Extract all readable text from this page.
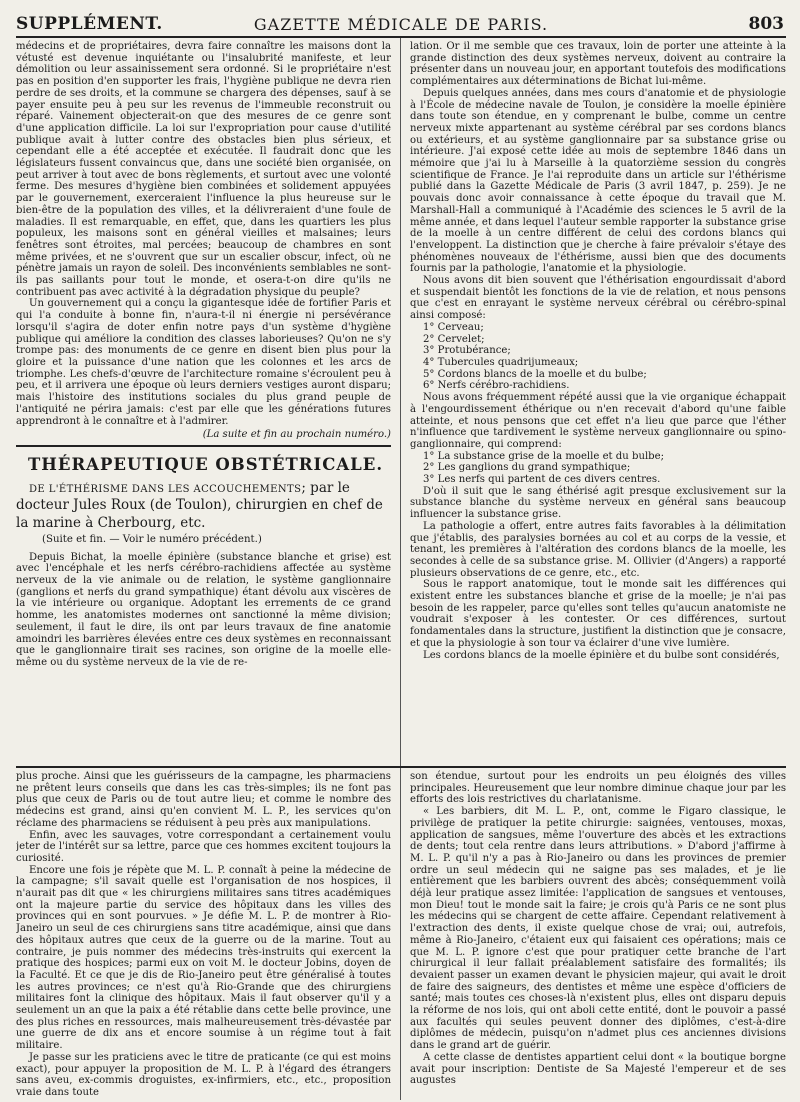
SUPPLÉMENT.	GAZETTE MÉDICALE DE PARIS.	803

médecins et de propriétaires, devra faire connaître les maisons dont la vétusté est devenue inquiétante ou l'insalubrité manifeste, et leur démolition ou leur assainissement sera ordonné. Si le propriétaire n'est pas en position d'en supporter les frais, l'hygiène publique ne devra rien perdre de ses droits, et la commune se chargera des dépenses, sauf à se payer ensuite peu à peu sur les revenus de l'immeuble reconstruit ou réparé. Vainement objecterait-on que des mesures de ce genre sont d'une application difficile. La loi sur l'expropriation pour cause d'utilité publique avait à lutter contre des obstacles bien plus sérieux, et cependant elle a été acceptée et exécutée. Il faudrait donc que les législateurs fussent convaincus que, dans une société bien organisée, on peut arriver à tout avec de bons règlements, et surtout avec une volonté ferme. Des mesures d'hygiène bien combinées et solidement appuyées par le gouvernement, exerceraient l'influence la plus heureuse sur le bien-être de la population des villes, et la délivreraient d'une foule de maladies. Il est remarquable, en effet, que, dans les quartiers les plus populeux, les maisons sont en général vieilles et malsaines; leurs fenêtres sont étroites, mal percées; beaucoup de chambres en sont même privées, et ne s'ouvrent que sur un escalier obscur, infect, où ne pénètre jamais un rayon de soleil. Des inconvénients semblables ne sont-ils pas saillants pour tout le monde, et osera-t-on dire qu'ils ne contribuent pas avec activité à la dégradation physique du peuple?

Un gouvernement qui a conçu la gigantesque idée de fortifier Paris et qui l'a conduite à bonne fin, n'aura-t-il ni énergie ni persévérance lorsqu'il s'agira de doter enfin notre pays d'un système d'hygiène publique qui améliore la condition des classes laborieuses? Qu'on ne s'y trompe pas: des monuments de ce genre en disent bien plus pour la gloire et la puissance d'une nation que les colonnes et les arcs de triomphe. Les chefs-d'œuvre de l'architecture romaine s'écroulent peu à peu, et il arrivera une époque où leurs derniers vestiges auront disparu; mais l'histoire des institutions sociales du plus grand peuple de l'antiquité ne périra jamais: c'est par elle que les générations futures apprendront à le connaître et à l'admirer.

(La suite et fin au prochain numéro.)
THÉRAPEUTIQUE OBSTÉTRICALE.

DE L'ÉTHÉRISME DANS LES ACCOUCHEMENTS; par le docteur Jules Roux (de Toulon), chirurgien en chef de la marine à Cherbourg, etc.

(Suite et fin. — Voir le numéro précédent.)

Depuis Bichat, la moelle épinière (substance blanche et grise) est avec l'encéphale et les nerfs cérébro-rachidiens affectée au système nerveux de la vie animale ou de relation, le système ganglionnaire (ganglions et nerfs du grand sympathique) étant dévolu aux viscères de la vie intérieure ou organique. Adoptant les errements de ce grand homme, les anatomistes modernes ont sanctionné la même division; seulement, il faut le dire, ils ont par leurs travaux de fine anatomie amoindri les barrières élevées entre ces deux systèmes en reconnaissant que le ganglionnaire tirait ses racines, son origine de la moelle elle-même ou du système nerveux de la vie de re-

lation. Or il me semble que ces travaux, loin de porter une atteinte à la grande distinction des deux systèmes nerveux, doivent au contraire la présenter dans un nouveau jour, en apportant toutefois des modifications complémentaires aux déterminations de Bichat lui-même.

Depuis quelques années, dans mes cours d'anatomie et de physiologie à l'École de médecine navale de Toulon, je considère la moelle épinière dans toute son étendue, en y comprenant le bulbe, comme un centre nerveux mixte appartenant au système cérébral par ses cordons blancs ou extérieurs, et au système ganglionnaire par sa substance grise ou intérieure. J'ai exposé cette idée au mois de septembre 1846 dans un mémoire que j'ai lu à Marseille à la quatorzième session du congrès scientifique de France. Je l'ai reproduite dans un article sur l'éthérisme publié dans la Gazette Médicale de Paris (3 avril 1847, p. 259). Je ne pouvais donc avoir connaissance à cette époque du travail que M. Marshall-Hall a communiqué à l'Académie des sciences le 5 avril de la même année, et dans lequel l'auteur semble rapporter la substance grise de la moelle à un centre différent de celui des cordons blancs qui l'enveloppent. La distinction que je cherche à faire prévaloir s'étaye des phénomènes nouveaux de l'éthérisme, aussi bien que des documents fournis par la pathologie, l'anatomie et la physiologie.

Nous avons dit bien souvent que l'éthérisation engourdissait d'abord et suspendait bientôt les fonctions de la vie de relation, et nous pensons que c'est en enrayant le système nerveux cérébral ou cérébro-spinal ainsi composé:

1° Cerveau;
2° Cervelet;
3° Protubérance;
4° Tubercules quadrijumeaux;
5° Cordons blancs de la moelle et du bulbe;
6° Nerfs cérébro-rachidiens.

Nous avons fréquemment répété aussi que la vie organique échappait à l'engourdissement éthérique ou n'en recevait d'abord qu'une faible atteinte, et nous pensons que cet effet n'a lieu que parce que l'éther n'influence que tardivement le système nerveux ganglionnaire ou spino-ganglionnaire, qui comprend:

1° La substance grise de la moelle et du bulbe;
2° Les ganglions du grand sympathique;
3° Les nerfs qui partent de ces divers centres.

D'où il suit que le sang éthérisé agit presque exclusivement sur la substance blanche du système nerveux en général sans beaucoup influencer la substance grise.

La pathologie a offert, entre autres faits favorables à la délimitation que j'établis, des paralysies bornées au col et au corps de la vessie, et tenant, les premières à l'altération des cordons blancs de la moelle, les secondes à celle de sa substance grise. M. Ollivier (d'Angers) a rapporté plusieurs observations de ce genre, etc., etc.

Sous le rapport anatomique, tout le monde sait les différences qui existent entre les substances blanche et grise de la moelle; je n'ai pas besoin de les rappeler, parce qu'elles sont telles qu'aucun anatomiste ne voudrait s'exposer à les contester. Or ces différences, surtout fondamentales dans la structure, justifient la distinction que je consacre, et que la physiologie à son tour va éclairer d'une vive lumière.

Les cordons blancs de la moelle épinière et du bulbe sont considérés,

plus proche. Ainsi que les guérisseurs de la campagne, les pharmaciens ne prêtent leurs conseils que dans les cas très-simples; ils ne font pas plus que ceux de Paris ou de tout autre lieu; et comme le nombre des médecins est grand, ainsi qu'en convient M. L. P., les services qu'on réclame des pharmaciens se réduisent à peu près aux manipulations.

Enfin, avec les sauvages, votre correspondant a certainement voulu jeter de l'intérêt sur sa lettre, parce que ces hommes excitent toujours la curiosité.

Encore une fois je répète que M. L. P. connaît à peine la médecine de la campagne; s'il savait quelle est l'organisation de nos hospices, il n'aurait pas dit que « les chirurgiens militaires sans titres académiques ont la majeure partie du service des hôpitaux dans les villes des provinces qui en sont pourvues. » Je défie M. L. P. de montrer à Rio-Janeiro un seul de ces chirurgiens sans titre académique, ainsi que dans des hôpitaux autres que ceux de la guerre ou de la marine. Tout au contraire, je puis nommer des médecins très-instruits qui exercent la pratique des hospices; parmi eux on voit M. le docteur Jobins, doyen de la Faculté. Et ce que je dis de Rio-Janeiro peut être généralisé à toutes les autres provinces; ce n'est qu'à Rio-Grande que des chirurgiens militaires font la clinique des hôpitaux. Mais il faut observer qu'il y a seulement un an que la paix a été rétablie dans cette belle province, une des plus riches en ressources, mais malheureusement très-dévastée par une guerre de dix ans et encore soumise à un régime tout à fait militaire.

Je passe sur les praticiens avec le titre de praticante (ce qui est moins exact), pour appuyer la proposition de M. L. P. à l'égard des étrangers sans aveu, ex-commis droguistes, ex-infirmiers, etc., etc., proposition vraie dans toute

son étendue, surtout pour les endroits un peu éloignés des villes principales. Heureusement que leur nombre diminue chaque jour par les efforts des lois restrictives du charlatanisme.

« Les barbiers, dit M. L. P., ont, comme le Figaro classique, le privilège de pratiquer la petite chirurgie: saignées, ventouses, moxas, application de sangsues, même l'ouverture des abcès et les extractions de dents; tout cela rentre dans leurs attributions. » D'abord j'affirme à M. L. P. qu'il n'y a pas à Rio-Janeiro ou dans les provinces de premier ordre un seul médecin qui ne saigne pas ses malades, et je lie entièrement que les barbiers ouvrent des abcès; conséquemment voilà déjà leur pratique assez limitée: l'application de sangsues et ventouses, mon Dieu! tout le monde sait la faire; je crois qu'à Paris ce ne sont plus les médecins qui se chargent de cette affaire. Cependant relativement à l'extraction des dents, il existe quelque chose de vrai; oui, autrefois, même à Rio-Janeiro, c'étaient eux qui faisaient ces opérations; mais ce que M. L. P. ignore c'est que pour pratiquer cette branche de l'art chirurgical il leur fallait préalablement satisfaire des formalités; ils devaient passer un examen devant le physicien majeur, qui avait le droit de faire des saigneurs, des dentistes et même une espèce d'officiers de santé; mais toutes ces choses-là n'existent plus, elles ont disparu depuis la réforme de nos lois, qui ont aboli cette entité, dont le pouvoir a passé aux facultés qui seules peuvent donner des diplômes, c'est-à-dire diplômes de médecin, puisqu'on n'admet plus ces anciennes divisions dans le grand art de guérir.

A cette classe de dentistes appartient celui dont « la boutique borgne avait pour inscription: Dentiste de Sa Majesté l'empereur et de ses augustes
